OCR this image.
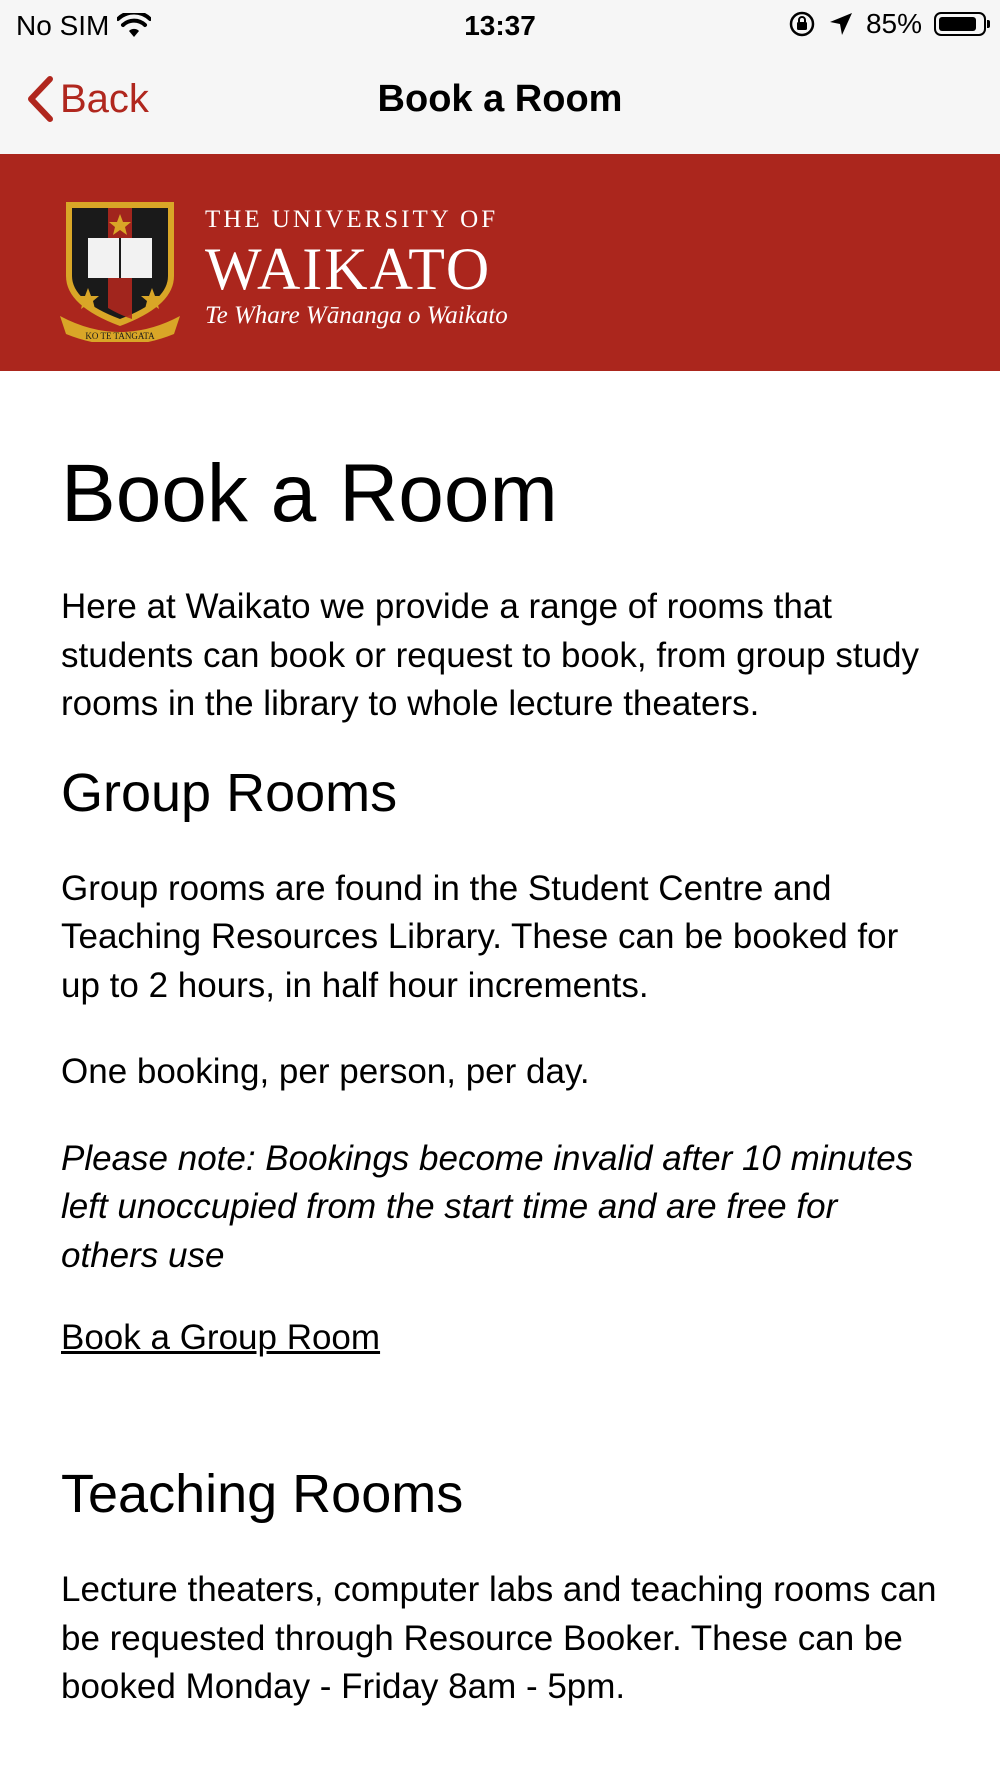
No SIM	13:37	85%
Back	Book a Room
KO TE TANGATA
THE UNIVERSITY OF
WAIKATO
Te Whare Wānanga o Waikato
Book a Room

Here at Waikato we provide a range of rooms that students can book or request to book, from group study rooms in the library to whole lecture theaters.

Group Rooms

Group rooms are found in the Student Centre and Teaching Resources Library. These can be booked for up to 2 hours, in half hour increments.

One booking, per person, per day.

Please note: Bookings become invalid after 10 minutes left unoccupied from the start time and are free for others use

Book a Group Room
Teaching Rooms

Lecture theaters, computer labs and teaching rooms can be requested through Resource Booker. These can be booked Monday - Friday 8am - 5pm.
